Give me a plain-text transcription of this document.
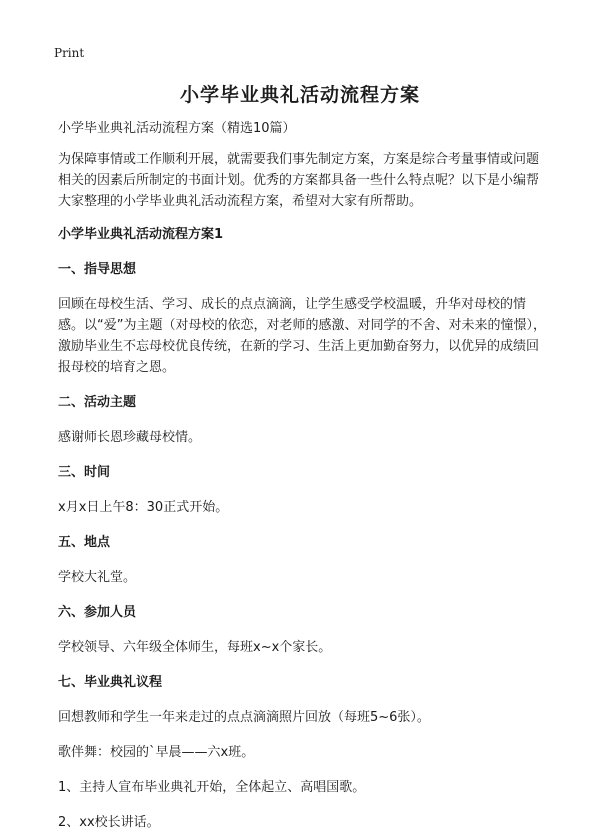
Print
小学毕业典礼活动流程方案

小学毕业典礼活动流程方案（精选10篇）

为保障事情或工作顺利开展，就需要我们事先制定方案，方案是综合考量事情或问题相关的因素后所制定的书面计划。优秀的方案都具备一些什么特点呢？以下是小编帮大家整理的小学毕业典礼活动流程方案，希望对大家有所帮助。

小学毕业典礼活动流程方案1

一、指导思想

回顾在母校生活、学习、成长的点点滴滴，让学生感受学校温暖，升华对母校的情感。以“爱”为主题（对母校的依恋，对老师的感激、对同学的不舍、对未来的憧憬），激励毕业生不忘母校优良传统，在新的学习、生活上更加勤奋努力，以优异的成绩回报母校的培育之恩。

二、活动主题

感谢师长恩珍藏母校情。

三、时间

x月x日上午8：30正式开始。

五、地点

学校大礼堂。

六、参加人员

学校领导、六年级全体师生，每班x~x个家长。

七、毕业典礼议程

回想教师和学生一年来走过的点点滴滴照片回放（每班5~6张）。

歌伴舞：校园的`早晨——六x班。

1、主持人宣布毕业典礼开始，全体起立、高唱国歌。

2、xx校长讲话。
